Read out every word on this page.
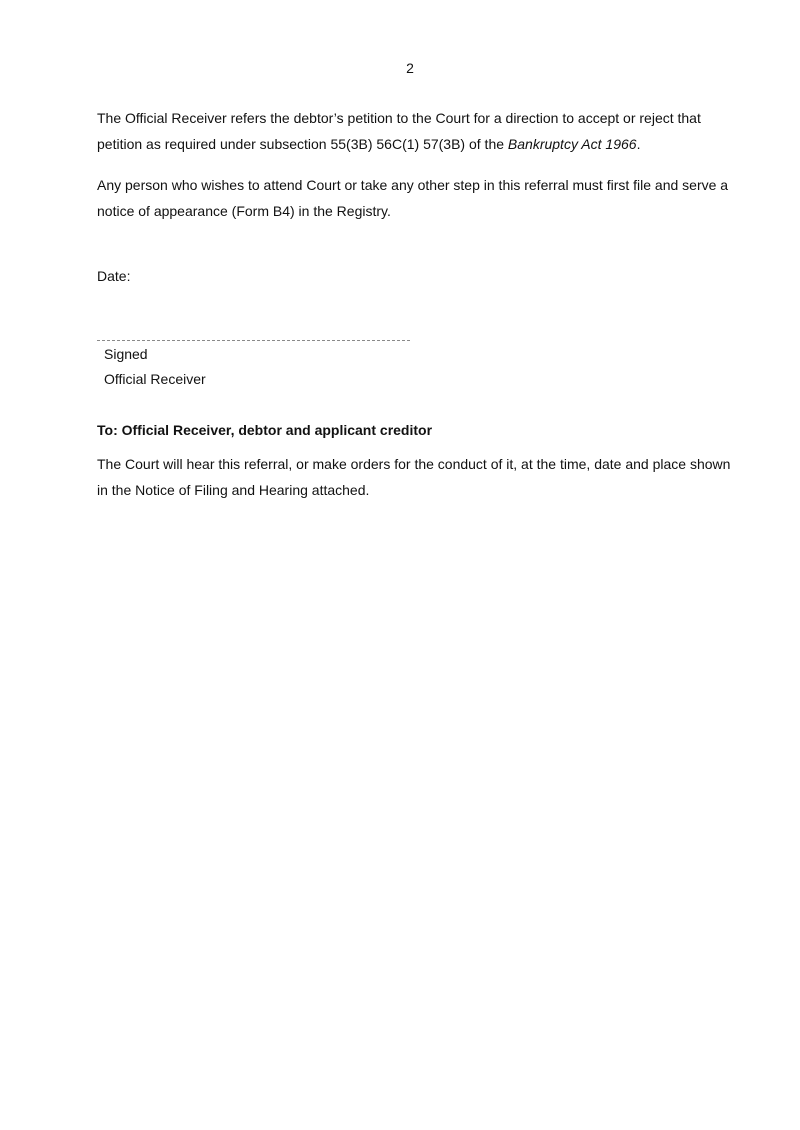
2

The Official Receiver refers the debtor’s petition to the Court for a direction to accept or reject that petition as required under subsection 55(3B) 56C(1) 57(3B) of the Bankruptcy Act 1966.

Any person who wishes to attend Court or take any other step in this referral must first file and serve a notice of appearance (Form B4) in the Registry.

Date:
Signed
Official Receiver
To: Official Receiver, debtor and applicant creditor

The Court will hear this referral, or make orders for the conduct of it, at the time, date and place shown in the Notice of Filing and Hearing attached.
